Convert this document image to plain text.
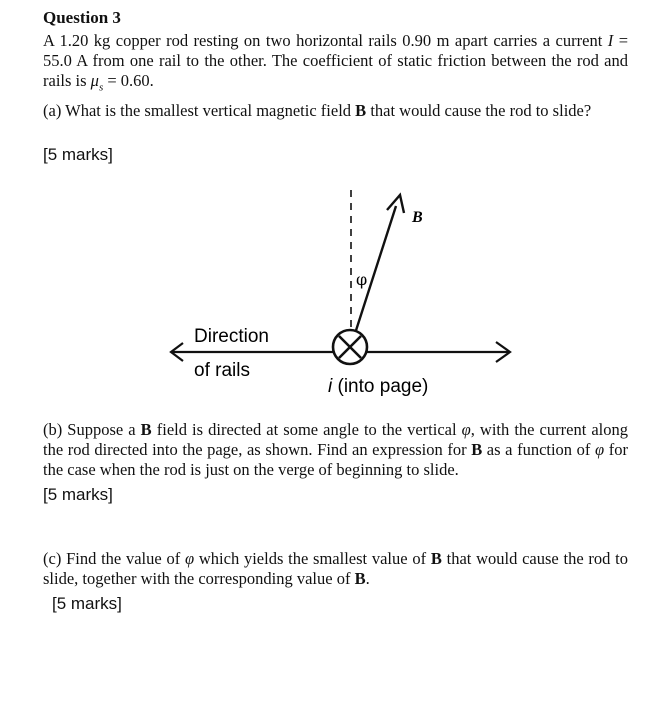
Question 3
A 1.20 kg copper rod resting on two horizontal rails 0.90 m apart carries a current I = 55.0 A from one rail to the other. The coefficient of static friction between the rod and rails is $\mu_s = 0.60$.
(a) What is the smallest vertical magnetic field B that would cause the rod to slide?
[5 marks]
B
φ
Direction
of rails
i (into page)
(b) Suppose a B field is directed at some angle to the vertical φ, with the current along the rod directed into the page, as shown. Find an expression for B as a function of φ for the case when the rod is just on the verge of beginning to slide.
[5 marks]
(c) Find the value of φ which yields the smallest value of B that would cause the rod to slide, together with the corresponding value of B.
[5 marks]
